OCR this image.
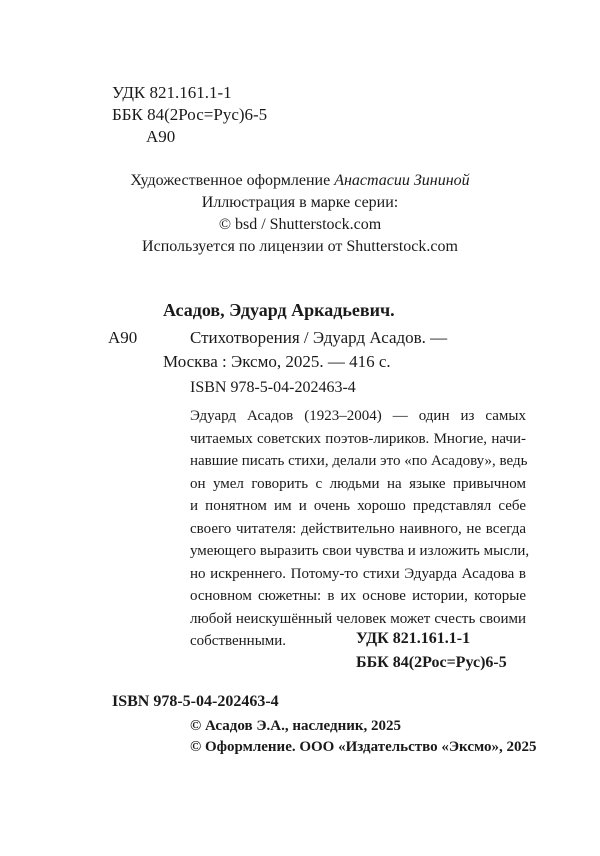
УДК 821.161.1-1
ББК 84(2Рос=Рус)6-5
А90
Художественное оформление Анастасии Зининой
Иллюстрация в марке серии:
© bsd / Shutterstock.com
Используется по лицензии от Shutterstock.com
Асадов, Эдуард Аркадьевич.
А90	Стихотворения / Эдуард Асадов. —
Москва : Эксмо, 2025. — 416 с.
ISBN 978-5-04-202463-4
Эдуард Асадов (1923–2004) — один из самых
читаемых советских поэтов-лириков. Многие, начи-
навшие писать стихи, делали это «по Асадову», ведь
он умел говорить с людьми на языке привычном
и понятном им и очень хорошо представлял себе
своего читателя: действительно наивного, не всегда
умеющего выразить свои чувства и изложить мысли,
но искреннего. Потому-то стихи Эдуарда Асадова в
основном сюжетны: в их основе истории, которые
любой неискушённый человек может счесть своими
собственными.	УДК 821.161.1-1
ББК 84(2Рос=Рус)6-5
ISBN 978-5-04-202463-4
© Асадов Э.А., наследник, 2025
© Оформление. ООО «Издательство «Эксмо», 2025
